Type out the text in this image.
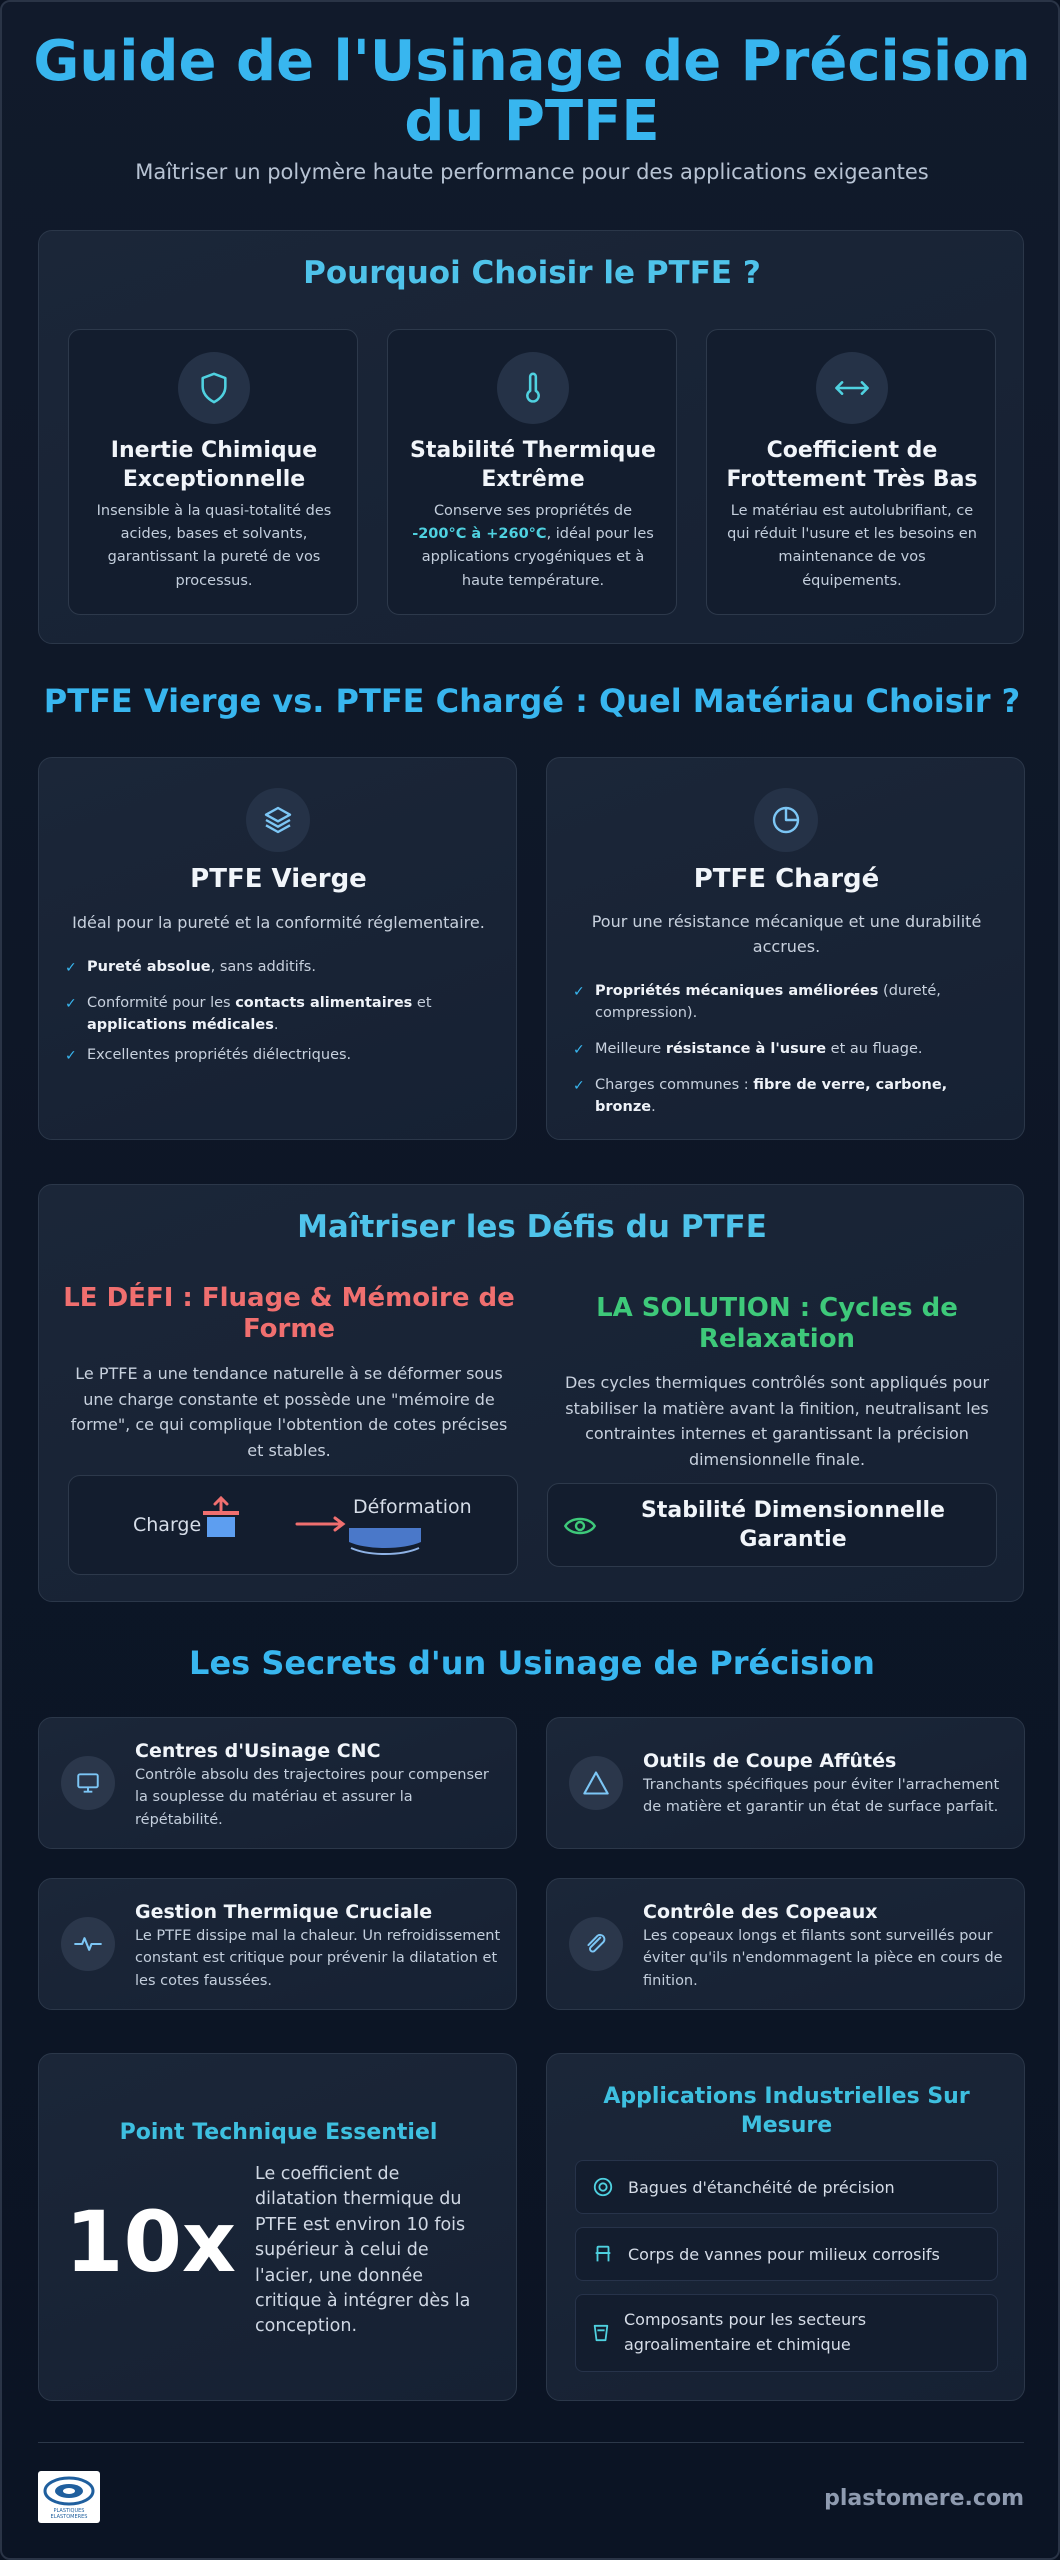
Guide de l'Usinage de Précision du PTFE
Maîtriser un polymère haute performance pour des applications exigeantes
Pourquoi Choisir le PTFE ?
Inertie Chimique Exceptionnelle
Insensible à la quasi-totalité des acides, bases et solvants, garantissant la pureté de vos processus.
Stabilité Thermique Extrême
Conserve ses propriétés de -200°C à +260°C, idéal pour les applications cryogéniques et à haute température.
Coefficient de Frottement Très Bas
Le matériau est autolubrifiant, ce qui réduit l'usure et les besoins en maintenance de vos équipements.
PTFE Vierge vs. PTFE Chargé : Quel Matériau Choisir ?
PTFE Vierge
Idéal pour la pureté et la conformité réglementaire.
✓ Pureté absolue, sans additifs.
✓ Conformité pour les contacts alimentaires et applications médicales.
✓ Excellentes propriétés diélectriques.
PTFE Chargé
Pour une résistance mécanique et une durabilité accrues.
✓ Propriétés mécaniques améliorées (dureté, compression).
✓ Meilleure résistance à l'usure et au fluage.
✓ Charges communes : fibre de verre, carbone, bronze.
Maîtriser les Défis du PTFE
LE DÉFI : Fluage & Mémoire de Forme
Le PTFE a une tendance naturelle à se déformer sous une charge constante et possède une "mémoire de forme", ce qui complique l'obtention de cotes précises et stables.
Charge
Déformation
LA SOLUTION : Cycles de Relaxation
Des cycles thermiques contrôlés sont appliqués pour stabiliser la matière avant la finition, neutralisant les contraintes internes et garantissant la précision dimensionnelle finale.
Stabilité Dimensionnelle Garantie
Les Secrets d'un Usinage de Précision
Centres d'Usinage CNC
Contrôle absolu des trajectoires pour compenser la souplesse du matériau et assurer la répétabilité.
Outils de Coupe Affûtés
Tranchants spécifiques pour éviter l'arrachement de matière et garantir un état de surface parfait.
Gestion Thermique Cruciale
Le PTFE dissipe mal la chaleur. Un refroidissement constant est critique pour prévenir la dilatation et les cotes faussées.
Contrôle des Copeaux
Les copeaux longs et filants sont surveillés pour éviter qu'ils n'endommagent la pièce en cours de finition.
Point Technique Essentiel
10x
Le coefficient de dilatation thermique du PTFE est environ 10 fois supérieur à celui de l'acier, une donnée critique à intégrer dès la conception.
Applications Industrielles Sur Mesure
Bagues d'étanchéité de précision
Corps de vannes pour milieux corrosifs
Composants pour les secteurs agroalimentaire et chimique
PLASTIQUES ELASTOMERES
plastomere.com
